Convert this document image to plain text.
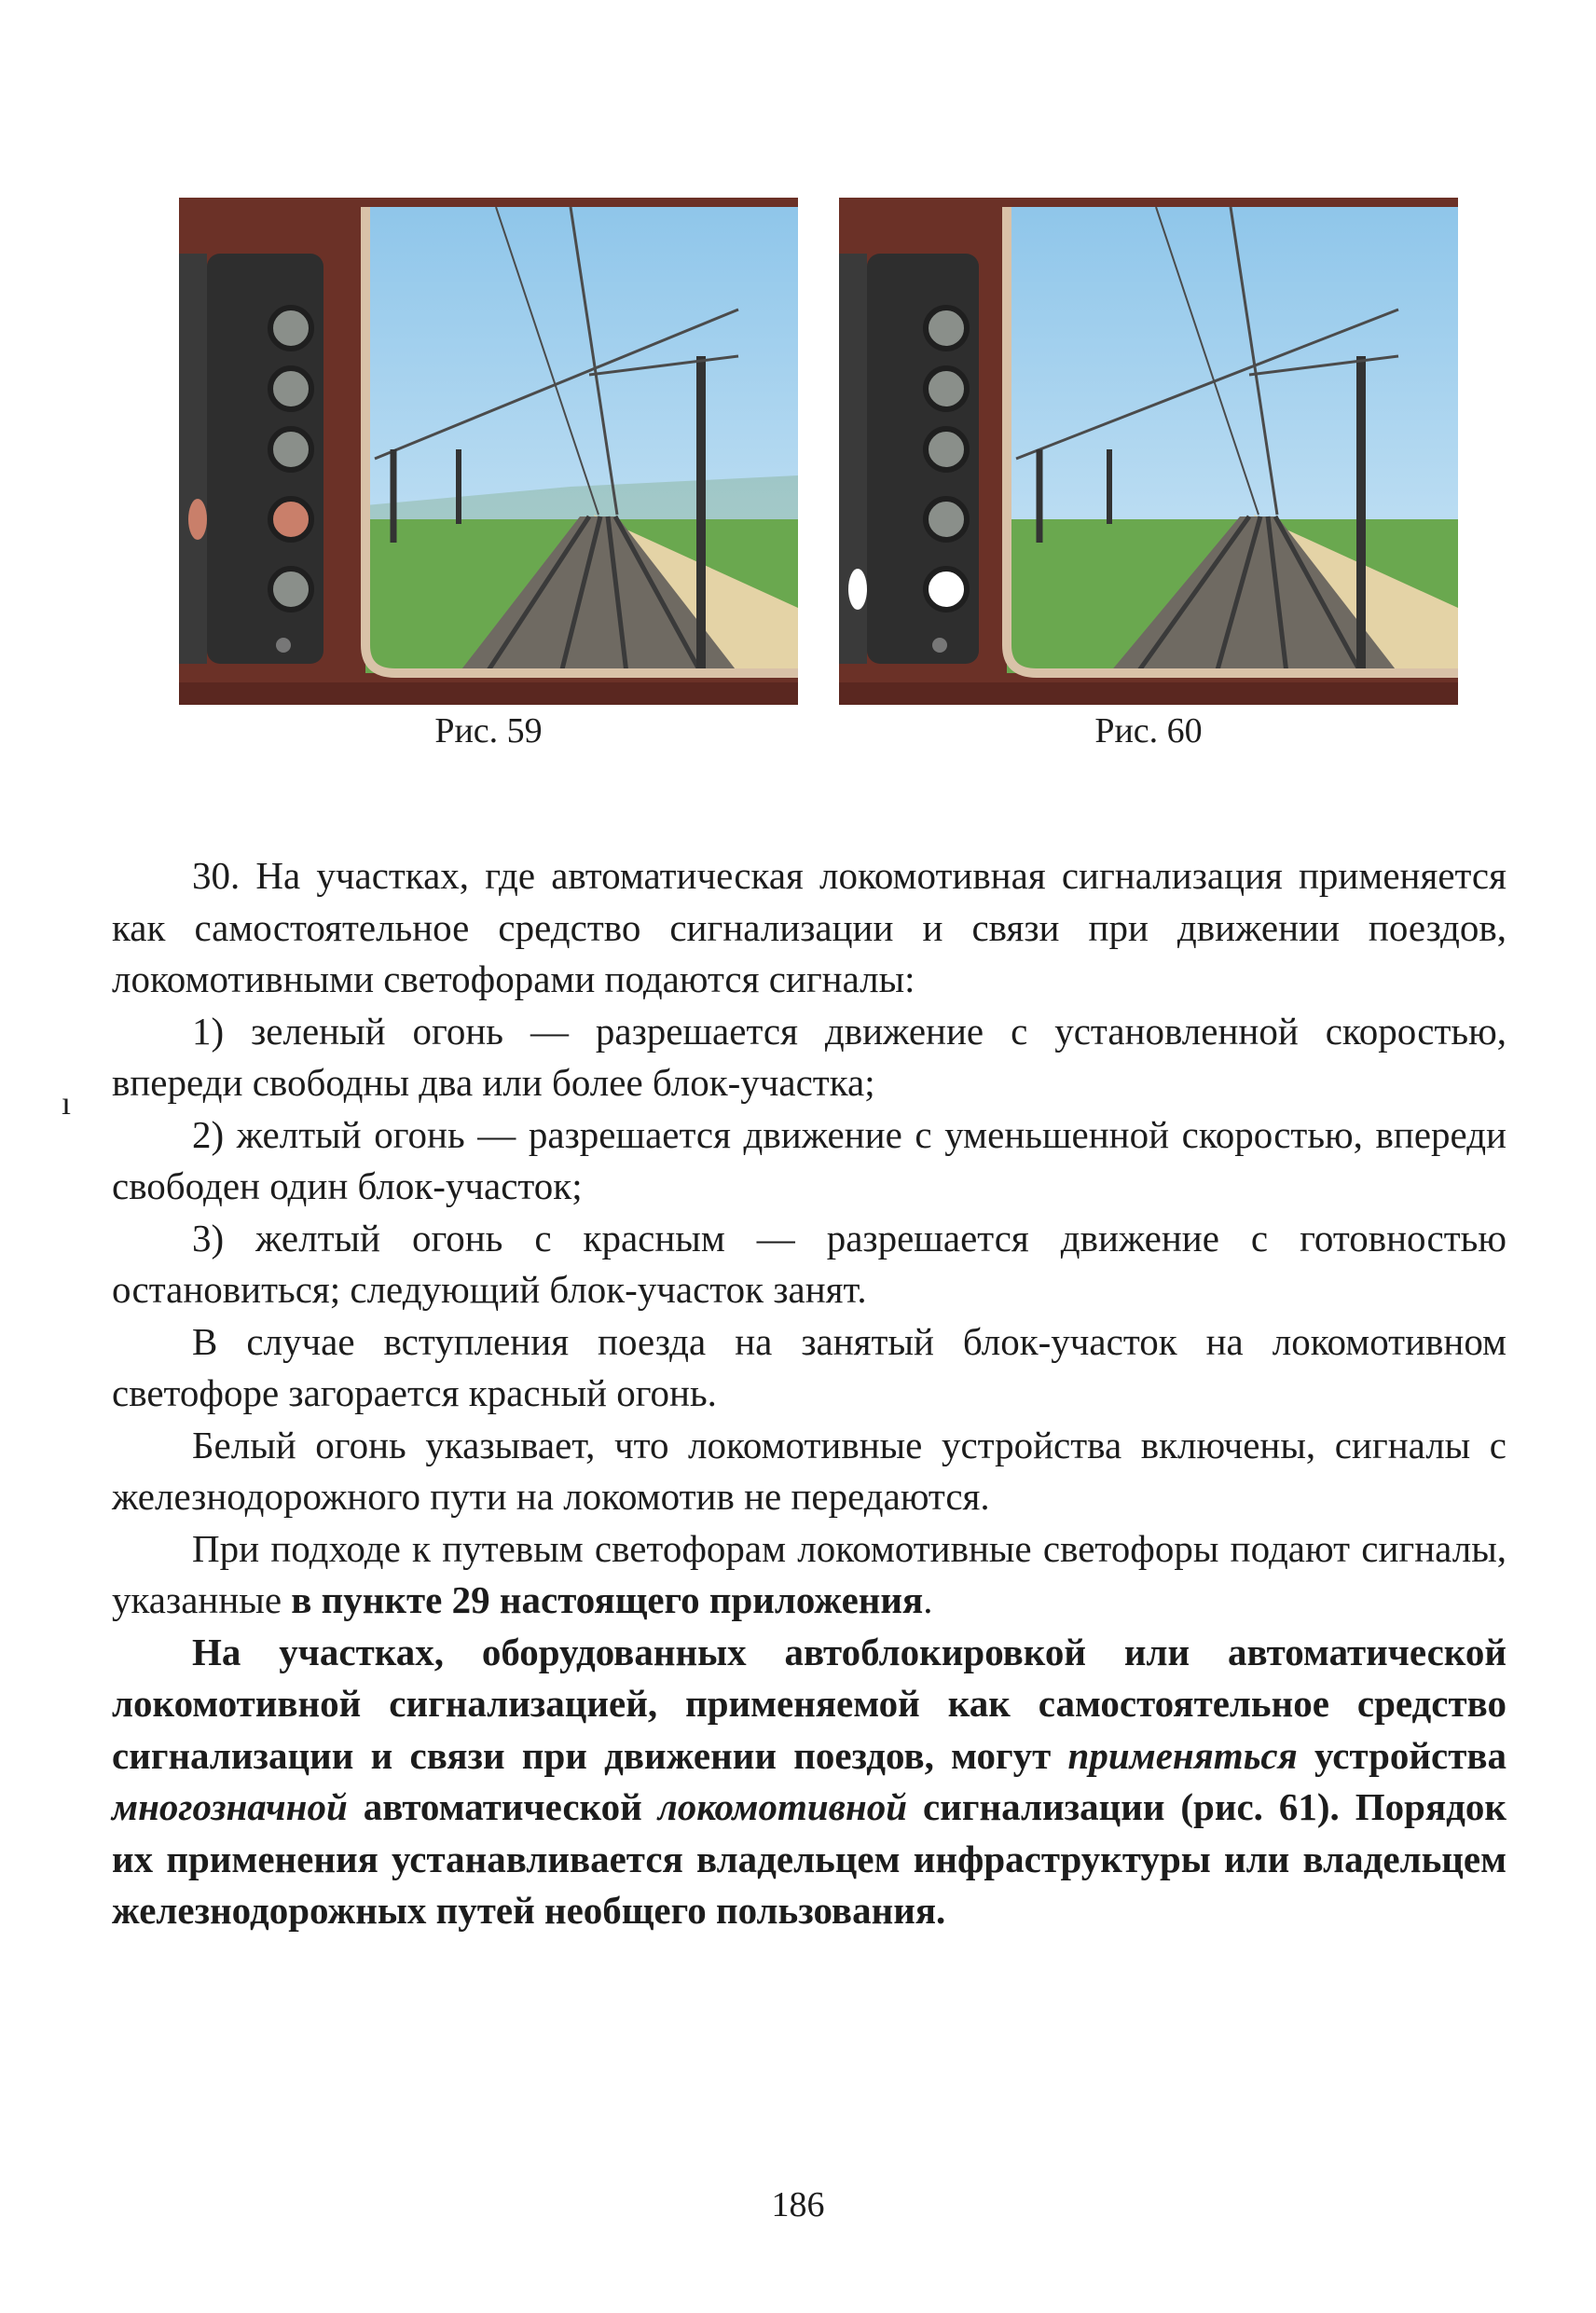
Рис. 59	Рис. 60
ı

30. На участках, где автоматическая локомотивная сигнализация применяется как самостоятельное средство сигнализации и связи при движении поездов, локомотивными светофорами подаются сигналы:

1) зеленый огонь — разрешается движение с установленной скоростью, впереди свободны два или более блок-участка;

2) желтый огонь — разрешается движение с уменьшенной скоростью, впереди свободен один блок-участок;

3) желтый огонь с красным — разрешается движение с готовностью остановиться; следующий блок-участок занят.

В случае вступления поезда на занятый блок-участок на локомотивном светофоре загорается красный огонь.

Белый огонь указывает, что локомотивные устройства включены, сигналы с железнодорожного пути на локомотив не передаются.

При подходе к путевым светофорам локомотивные светофоры подают сигналы, указанные в пункте 29 настоящего приложения.

На участках, оборудованных автоблокировкой или автоматической локомотивной сигнализацией, применяемой как самостоятельное средство сигнализации и связи при движении поездов, могут применяться устройства многозначной автоматической локомотивной сигнализации (рис. 61). Порядок их применения устанавливается владельцем инфраструктуры или владельцем железнодорожных путей необщего пользования.

186
